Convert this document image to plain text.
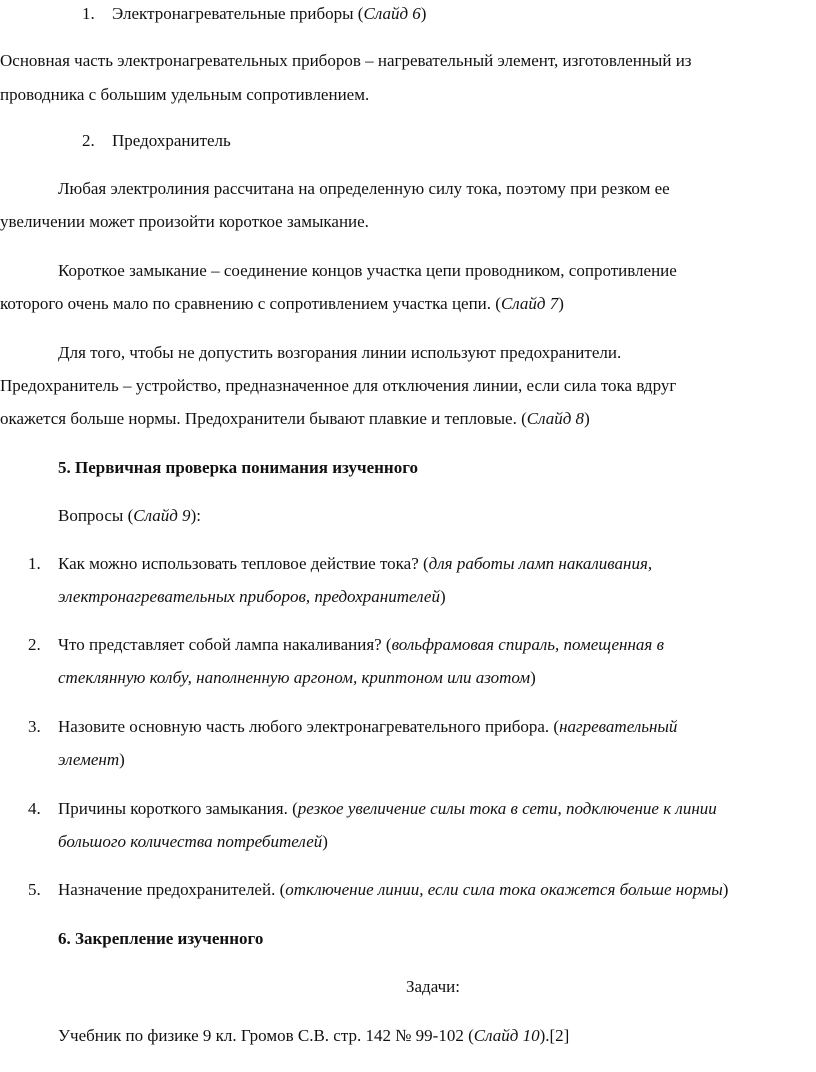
1. Электронагревательные приборы (Слайд 6)
Основная часть электронагревательных приборов – нагревательный элемент, изготовленный из
проводника с большим удельным сопротивлением.
2. Предохранитель
Любая электролиния рассчитана на определенную силу тока, поэтому при резком ее
увеличении может произойти короткое замыкание.
Короткое замыкание – соединение концов участка цепи проводником, сопротивление
которого очень мало по сравнению с сопротивлением участка цепи. (Слайд 7)
Для того, чтобы не допустить возгорания линии используют предохранители.
Предохранитель – устройство, предназначенное для отключения линии, если сила тока вдруг
окажется больше нормы. Предохранители бывают плавкие и тепловые. (Слайд 8)
5. Первичная проверка понимания изученного
Вопросы (Слайд 9):
1. Как можно использовать тепловое действие тока? (для работы ламп накаливания,
электронагревательных приборов, предохранителей)
2. Что представляет собой лампа накаливания? (вольфрамовая спираль, помещенная в
стеклянную колбу, наполненную аргоном, криптоном или азотом)
3. Назовите основную часть любого электронагревательного прибора. (нагревательный
элемент)
4. Причины короткого замыкания. (резкое увеличение силы тока в сети, подключение к линии
большого количества потребителей)
5. Назначение предохранителей. (отключение линии, если сила тока окажется больше нормы)
6. Закрепление изученного
Задачи:
Учебник по физике 9 кл. Громов С.В. стр. 142 № 99-102 (Слайд 10).[2]
